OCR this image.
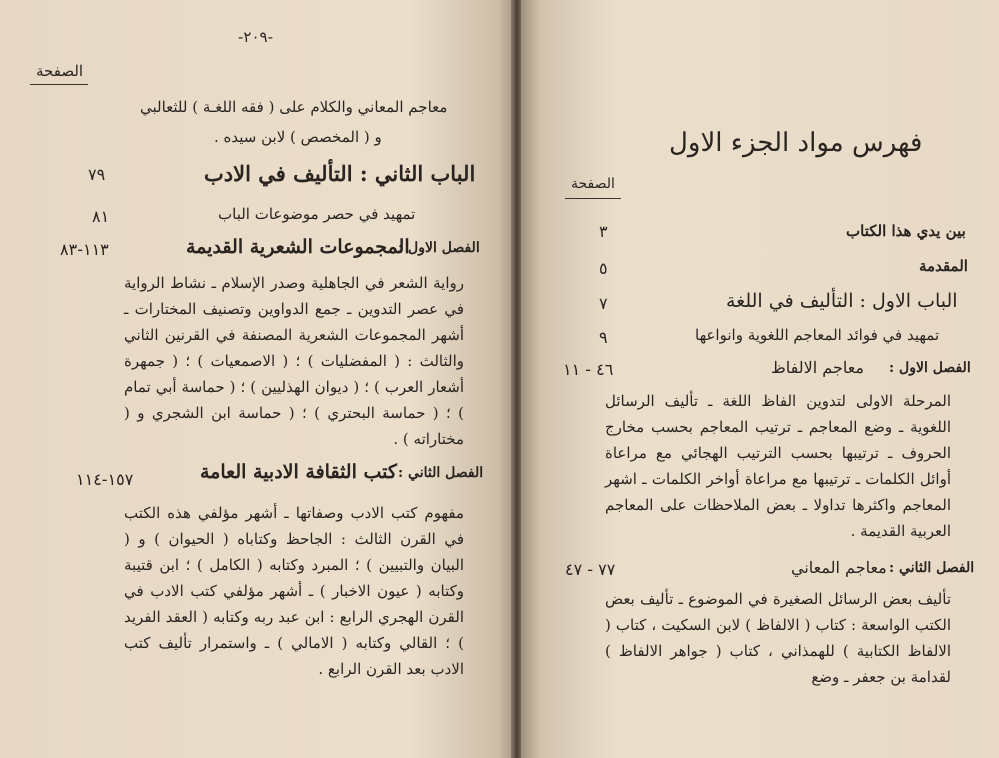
-٢٠٩-
الصفحة
معاجم المعاني والكلام على ( فقه اللغـة ) للثعالبي
و ( المخصص ) لابن سيده .
الباب الثاني : التأليف في الادب
٧٩
تمهيد في حصر موضوعات الباب
٨١
الفصل الاول :
المجموعات الشعرية القديمة
١١٣-٨٣
رواية الشعر في الجاهلية وصدر الإسلام ـ نشاط الرواية في عصر التدوين ـ جمع الدواوين وتصنيف المختارات ـ أشهر المجموعات الشعرية المصنفة في القرنين الثاني والثالث : ( المفضليات ) ؛ ( الاصمعيات ) ؛ ( جمهرة أشعار العرب ) ؛ ( ديوان الهذليين ) ؛ ( حماسة أبي تمام ) ؛ ( حماسة البحتري ) ؛ ( حماسة ابن الشجري و ( مختاراته ) .
الفصل الثاني :
كتب الثقافة الادبية العامة
١٥٧-١١٤
مفهوم كتب الادب وصفاتها ـ أشهر مؤلفي هذه الكتب في القرن الثالث : الجاحظ وكتاباه ( الحيوان ) و ( البيان والتبيين ) ؛ المبرد وكتابه ( الكامل ) ؛ ابن قتيبة وكتابه ( عيون الاخبار ) ـ أشهر مؤلفي كتب الادب في القرن الهجري الرابع : ابن عبد ربه وكتابه ( العقد الفريد ) ؛ القالي وكتابه ( الامالي ) ـ واستمرار تأليف كتب الادب بعد القرن الرابع .
فهرس مواد الجزء الاول
الصفحة
بين يدي هذا الكتاب
٣
المقدمة
٥
الباب الاول : التأليف في اللغة
٧
تمهيد في فوائد المعاجم اللغوية وانواعها
٩
الفصل الاول :
معاجم الالفاظ
٤٦ - ١١
المرحلة الاولى لتدوين الفاظ اللغة ـ تأليف الرسائل اللغوية ـ وضع المعاجم ـ ترتيب المعاجم بحسب مخارج الحروف ـ ترتيبها بحسب الترتيب الهجائي مع مراعاة أوائل الكلمات ـ ترتيبها مع مراعاة أواخر الكلمات ـ اشهر المعاجم واكثرها تداولا ـ بعض الملاحظات على المعاجم العربية القديمة .
الفصل الثاني :
معاجم المعاني
٧٧ - ٤٧
تأليف بعض الرسائل الصغيرة في الموضوع ـ تأليف بعض الكتب الواسعة : كتاب ( الالفاظ ) لابن السكيت ، كتاب ( الالفاظ الكتابية ) للهمذاني ، كتاب ( جواهر الالفاظ ) لقدامة بن جعفر ـ وضع
